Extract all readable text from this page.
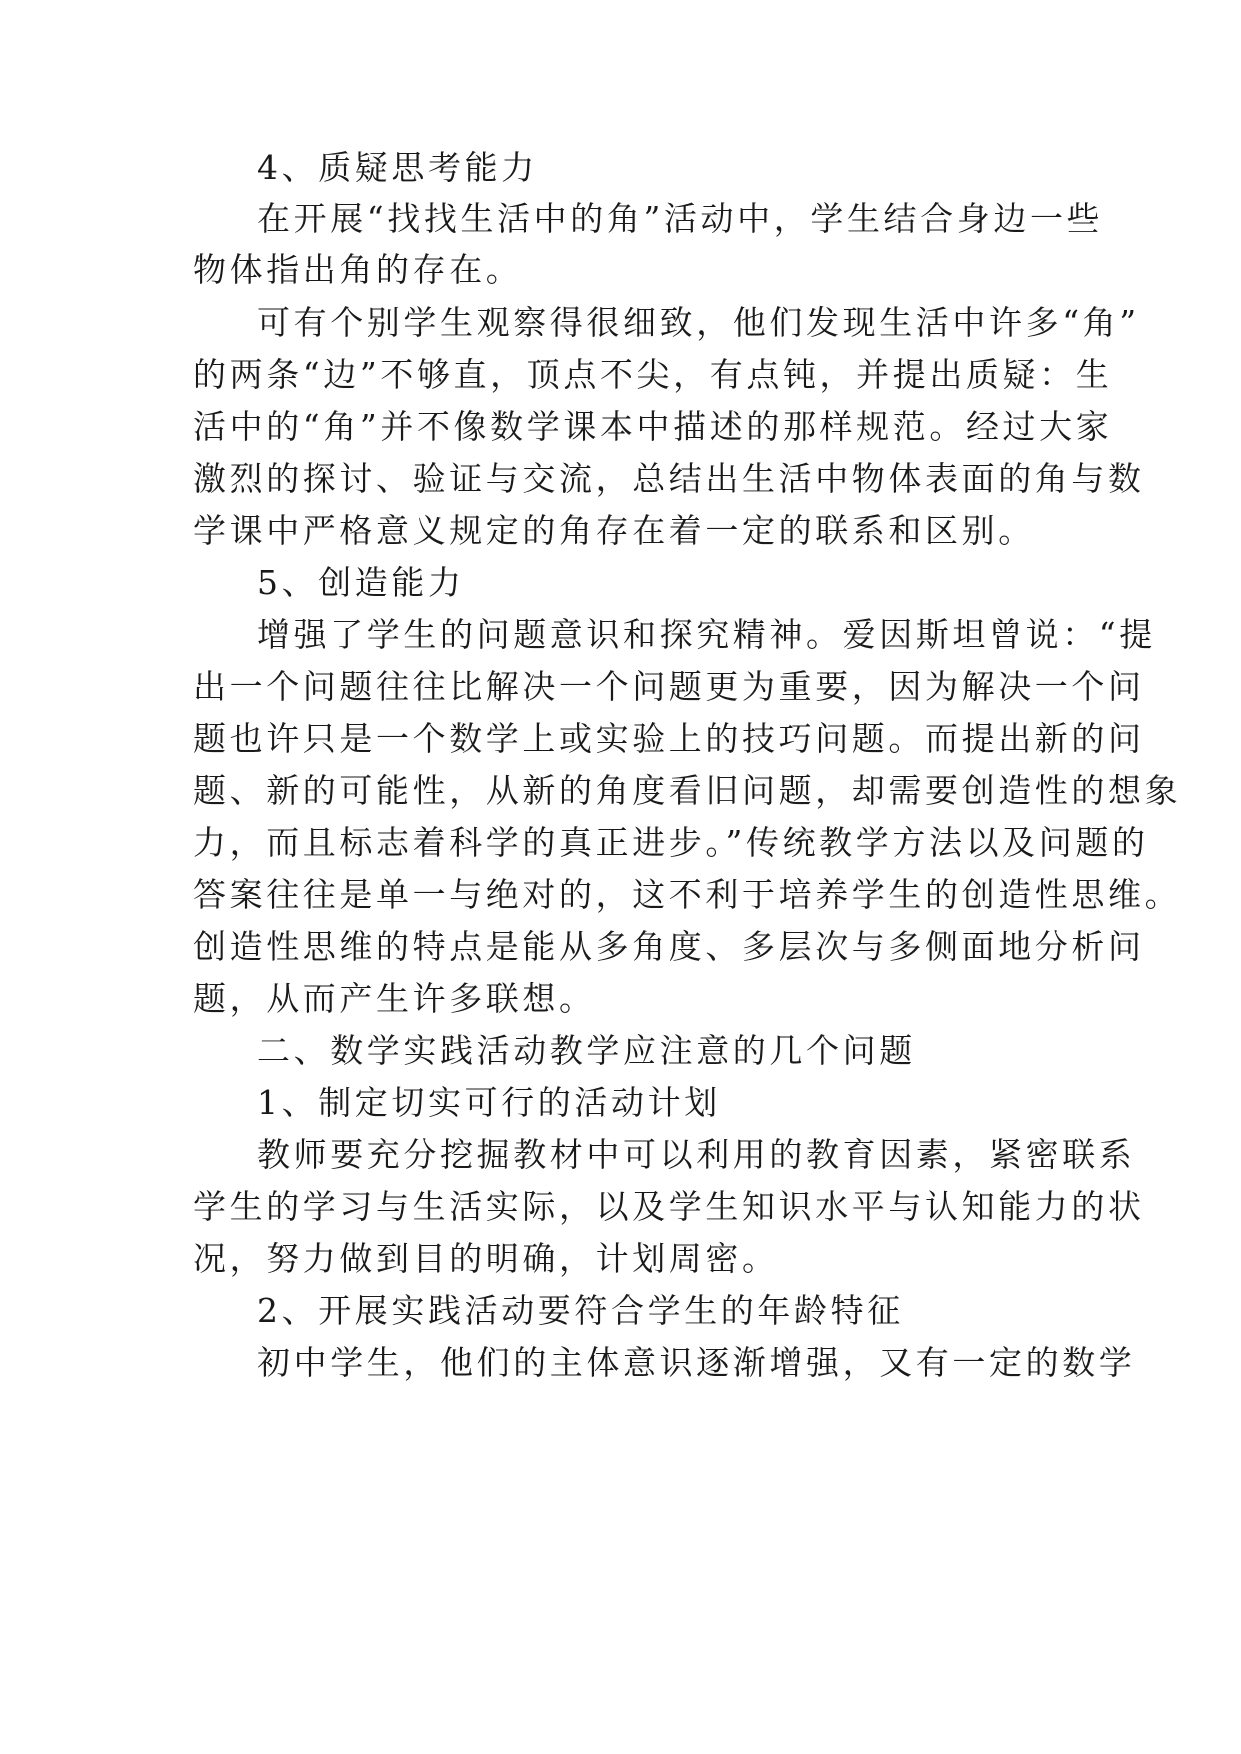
4、质疑思考能力
在开展“找找生活中的角”活动中，学生结合身边一些
物体指出角的存在。
可有个别学生观察得很细致，他们发现生活中许多“角”
的两条“边”不够直，顶点不尖，有点钝，并提出质疑：生
活中的“角”并不像数学课本中描述的那样规范。经过大家
激烈的探讨、验证与交流，总结出生活中物体表面的角与数
学课中严格意义规定的角存在着一定的联系和区别。
5、创造能力
增强了学生的问题意识和探究精神。爱因斯坦曾说：“提
出一个问题往往比解决一个问题更为重要，因为解决一个问
题也许只是一个数学上或实验上的技巧问题。而提出新的问
题、新的可能性，从新的角度看旧问题，却需要创造性的想象
力，而且标志着科学的真正进步。”传统教学方法以及问题的
答案往往是单一与绝对的，这不利于培养学生的创造性思维。
创造性思维的特点是能从多角度、多层次与多侧面地分析问
题，从而产生许多联想。
二、数学实践活动教学应注意的几个问题
1、制定切实可行的活动计划
教师要充分挖掘教材中可以利用的教育因素，紧密联系
学生的学习与生活实际，以及学生知识水平与认知能力的状
况，努力做到目的明确，计划周密。
2、开展实践活动要符合学生的年龄特征
初中学生，他们的主体意识逐渐增强，又有一定的数学
